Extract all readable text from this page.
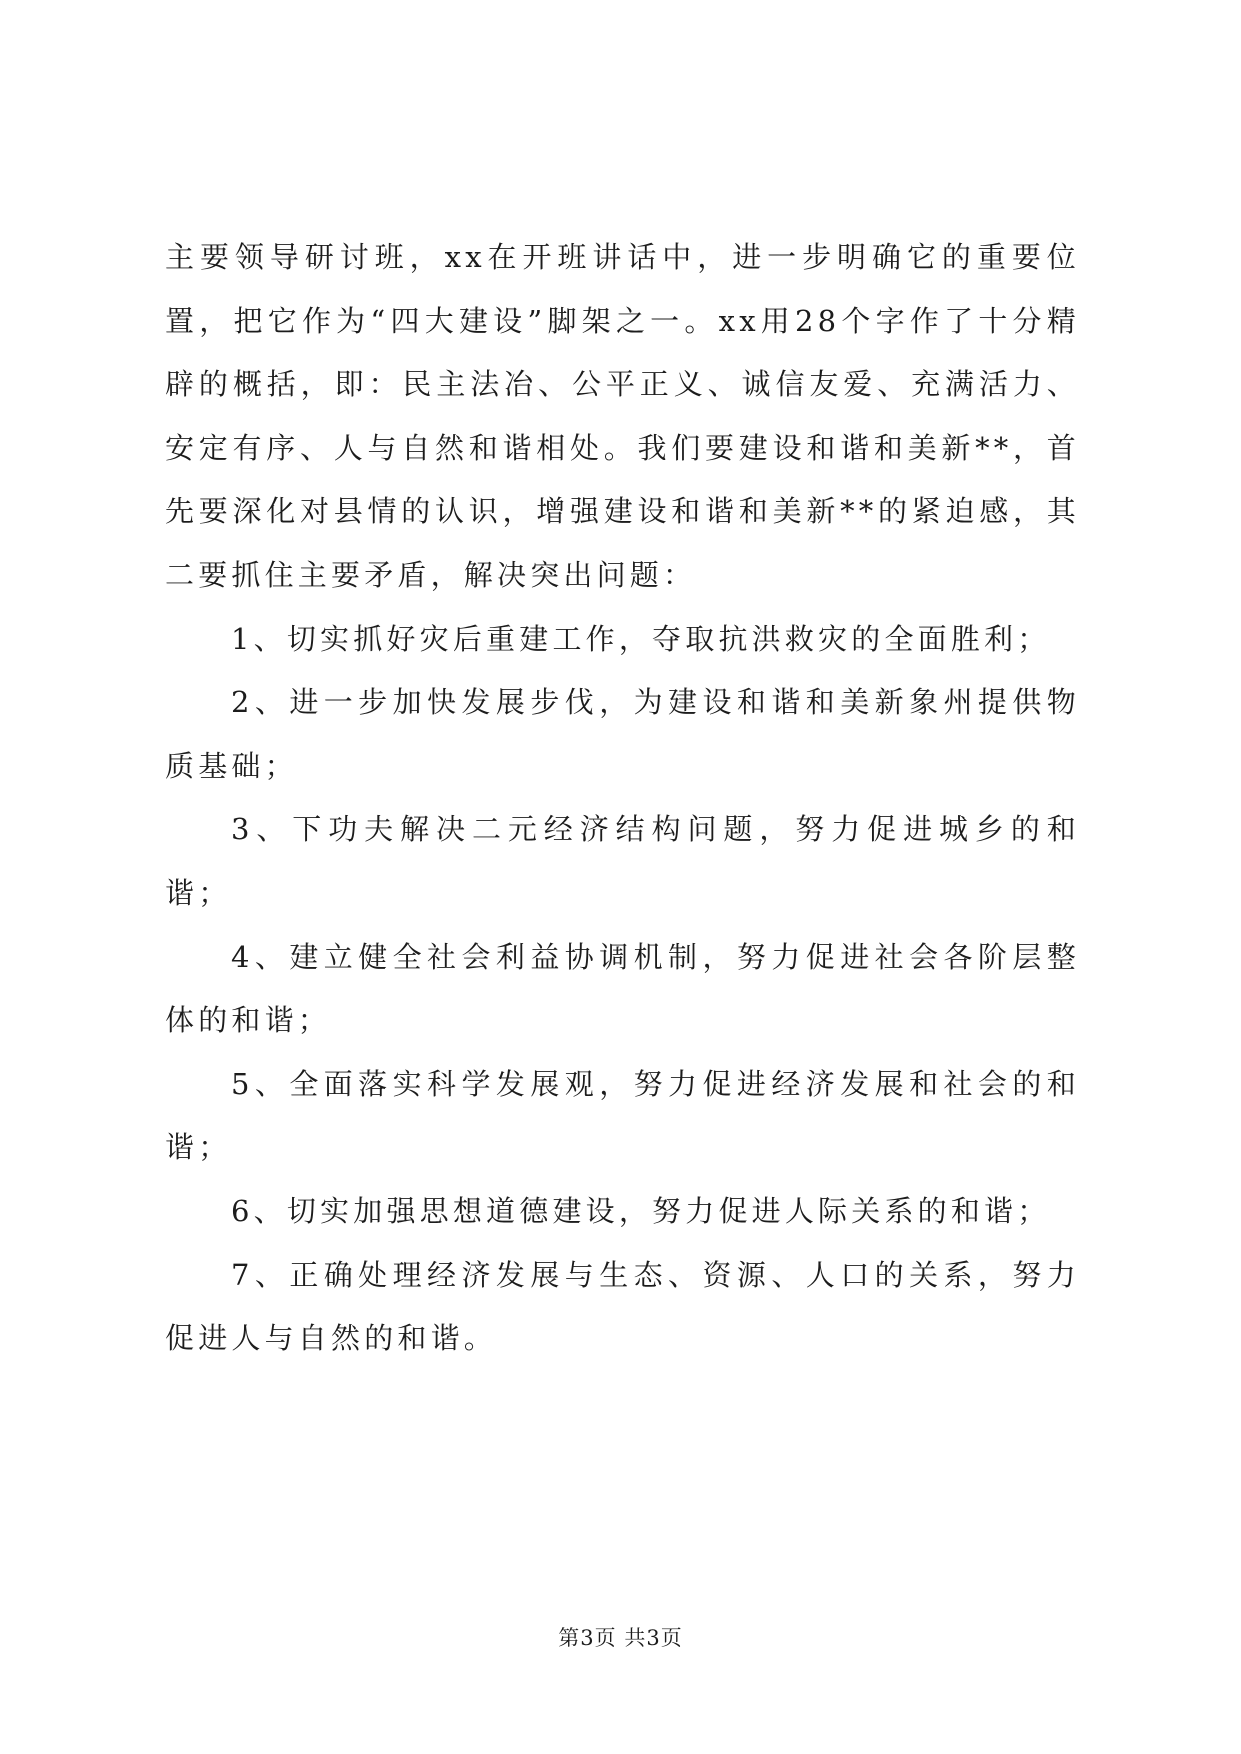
主要领导研讨班，xx在开班讲话中，进一步明确它的重要位置，把它作为“四大建设”脚架之一。xx用28个字作了十分精辟的概括，即：民主法冶、公平正义、诚信友爱、充满活力、安定有序、人与自然和谐相处。我们要建设和谐和美新**，首先要深化对县情的认识，增强建设和谐和美新**的紧迫感，其二要抓住主要矛盾，解决突出问题：

1、切实抓好灾后重建工作，夺取抗洪救灾的全面胜利；

2、进一步加快发展步伐，为建设和谐和美新象州提供物质基础；

3、下功夫解决二元经济结构问题，努力促进城乡的和谐；

4、建立健全社会利益协调机制，努力促进社会各阶层整体的和谐；

5、全面落实科学发展观，努力促进经济发展和社会的和谐；

6、切实加强思想道德建设，努力促进人际关系的和谐；

7、正确处理经济发展与生态、资源、人口的关系，努力促进人与自然的和谐。

第3页 共3页
